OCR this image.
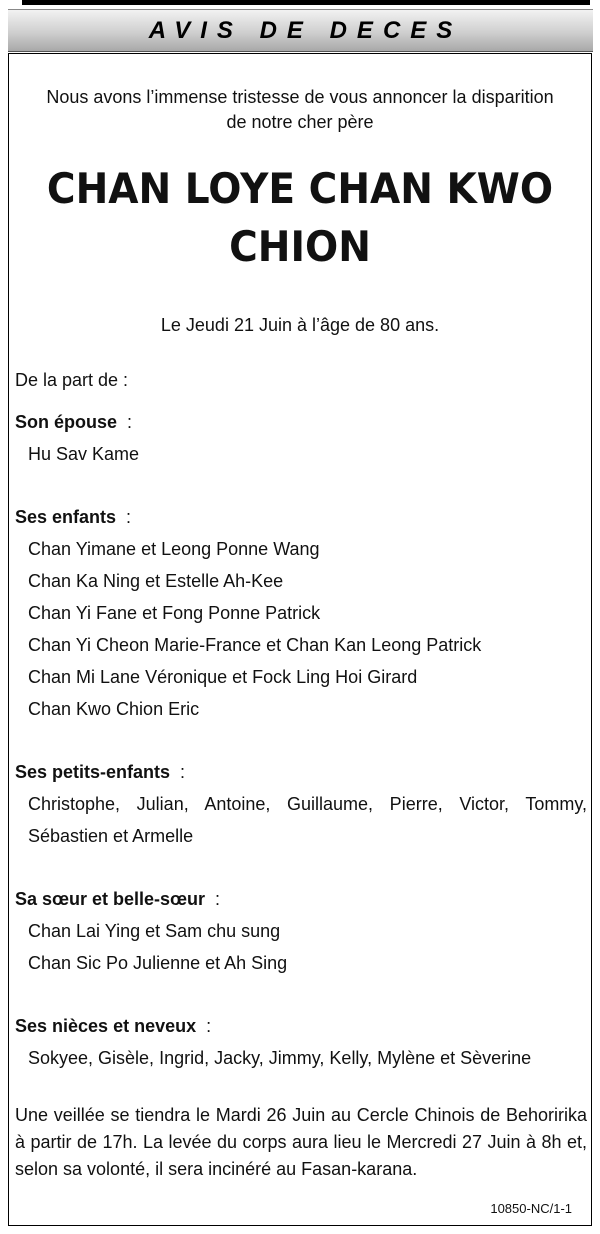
AVIS DE DECES
Nous avons l’immense tristesse de vous annoncer la disparition
de notre cher père
CHAN LOYE CHAN KWO
CHION
Le Jeudi 21 Juin à l’âge de 80 ans.
De la part de :
Son épouse  :
Hu Sav Kame
Ses enfants  :
Chan Yimane et Leong Ponne Wang
Chan Ka Ning et Estelle Ah-Kee
Chan Yi Fane et Fong Ponne Patrick
Chan Yi Cheon Marie-France et Chan Kan Leong Patrick
Chan Mi Lane Véronique et Fock Ling Hoi Girard
Chan Kwo Chion Eric
Ses petits-enfants  :
Christophe, Julian, Antoine, Guillaume, Pierre, Victor, Tommy, Sébastien et Armelle
Sa sœur et belle-sœur  :
Chan Lai Ying et Sam chu sung
Chan Sic Po Julienne et Ah Sing
Ses nièces et neveux  :
Sokyee, Gisèle, Ingrid, Jacky, Jimmy, Kelly, Mylène et Sèverine
Une veillée se tiendra le Mardi 26 Juin au Cercle Chinois de Behoririka à partir de 17h. La levée du corps aura lieu le Mercredi 27 Juin à 8h et, selon sa volonté, il sera incinéré au Fasan-karana.
10850-NC/1-1
